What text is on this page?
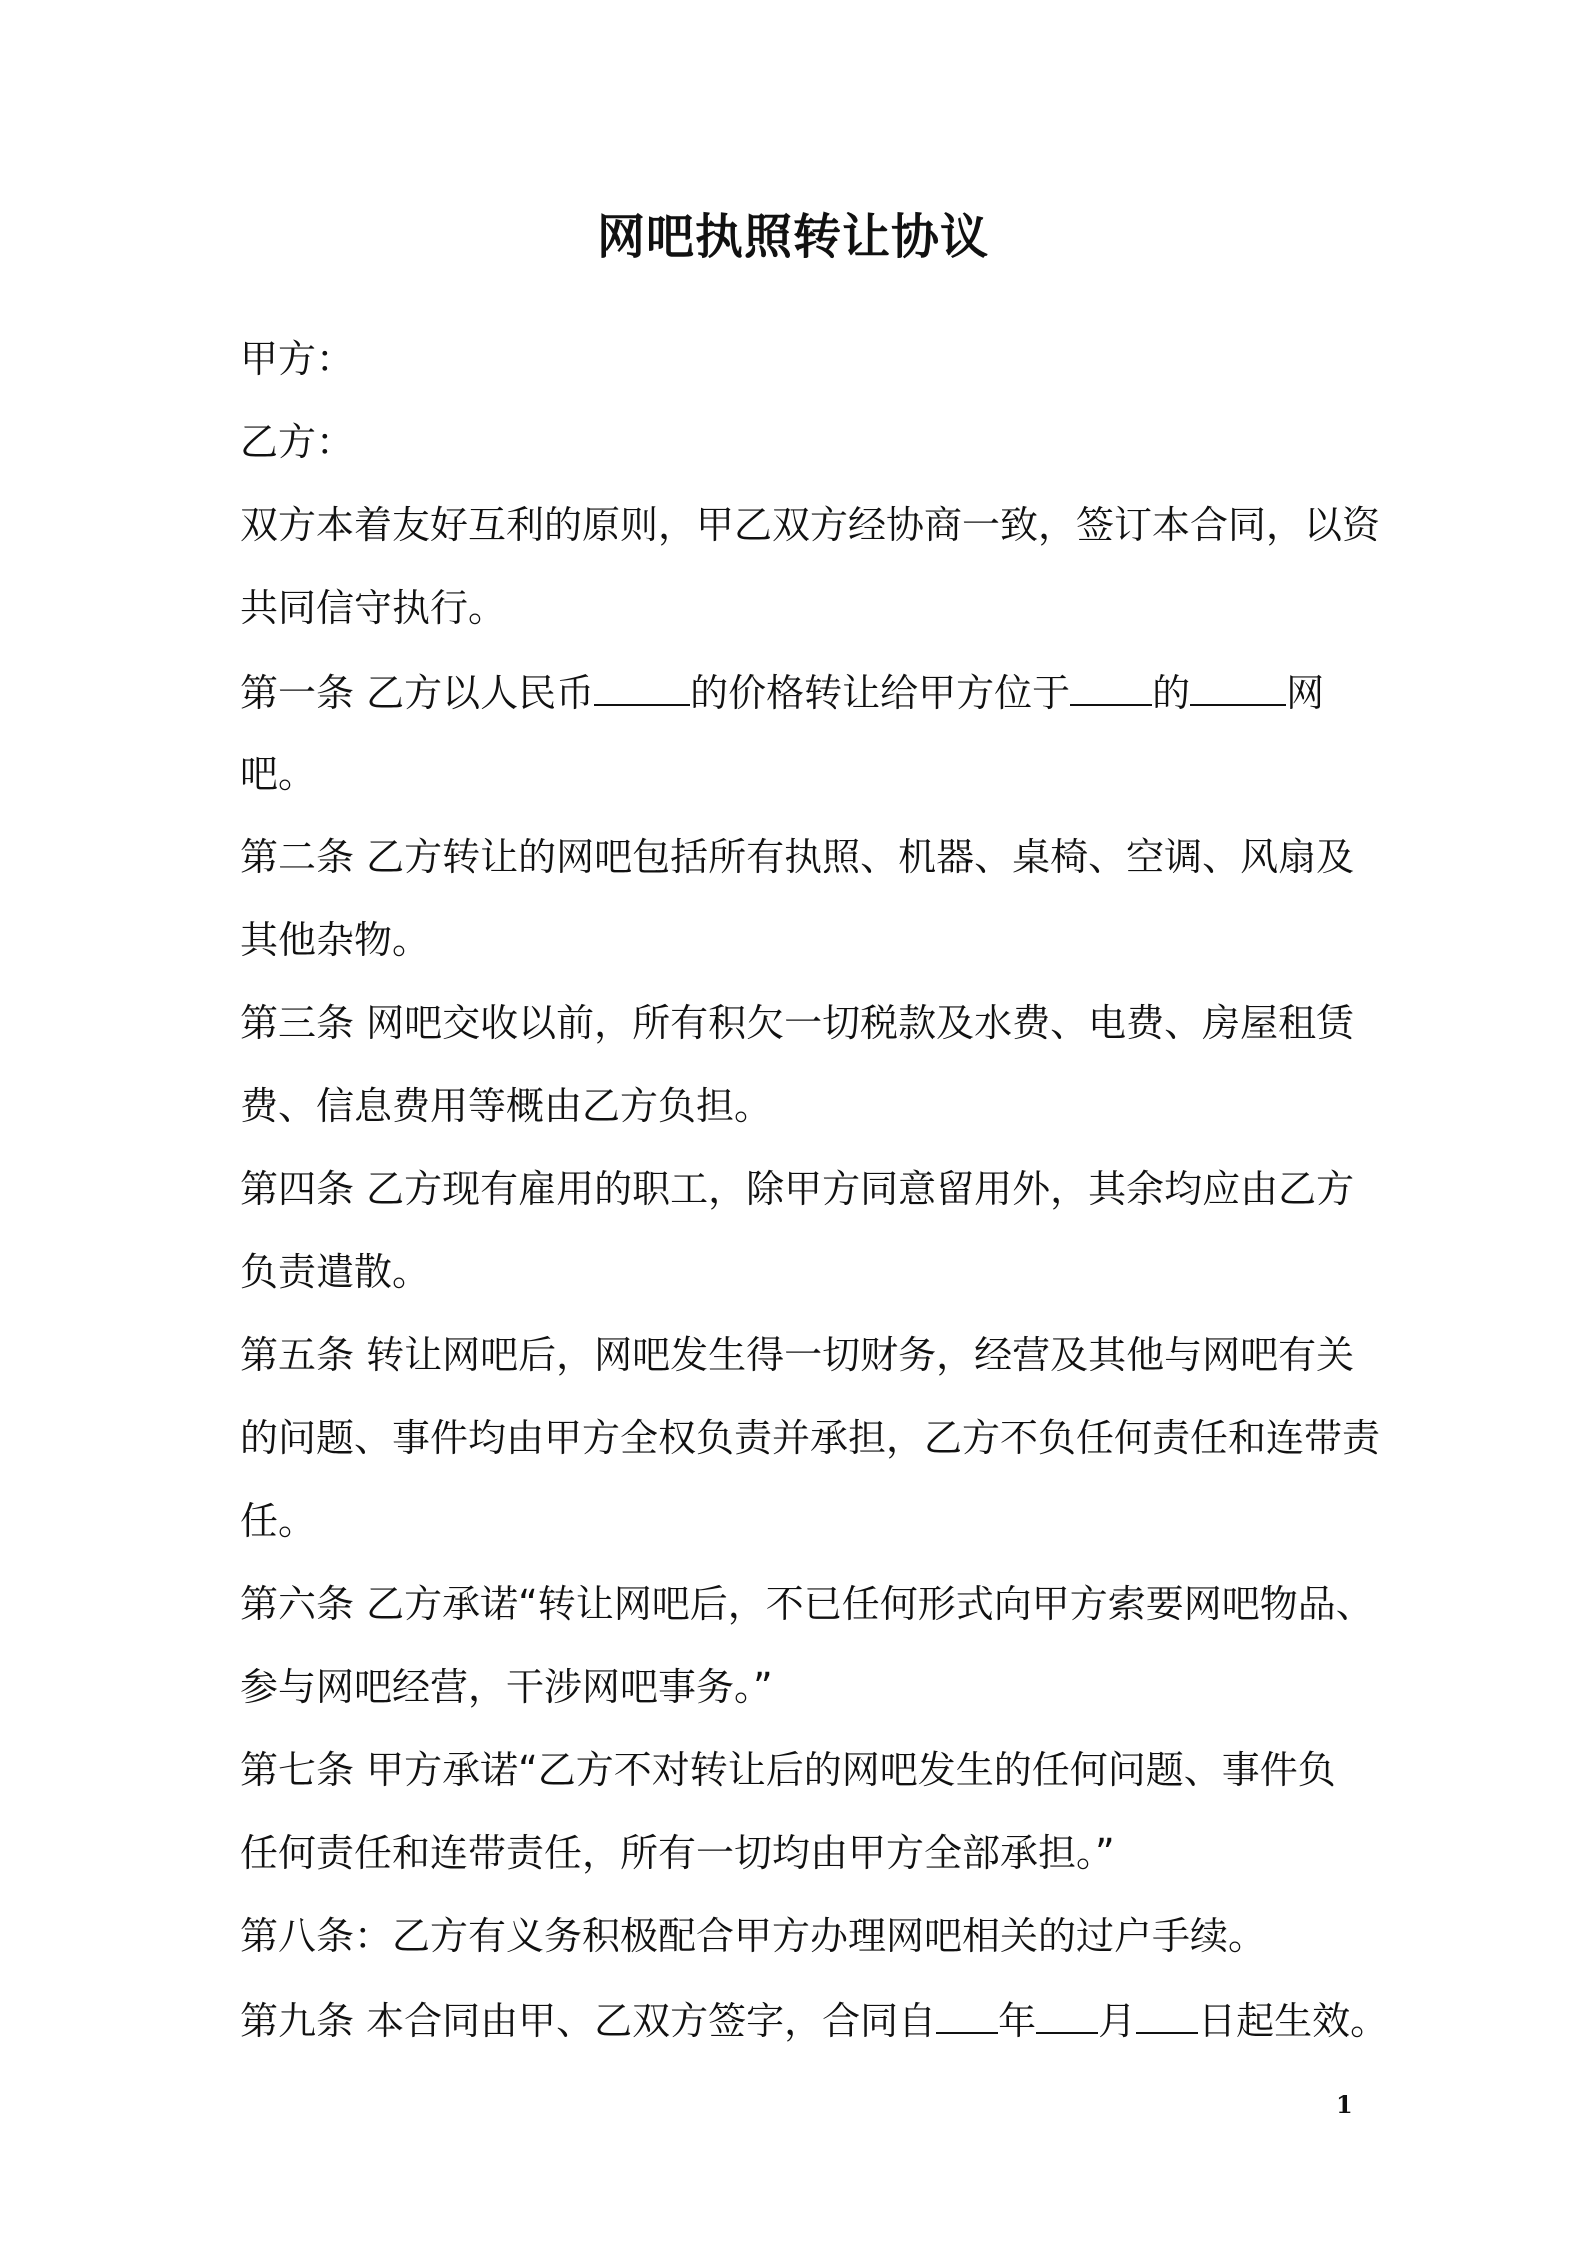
网吧执照转让协议
甲方：
乙方：
双方本着友好互利的原则，甲乙双方经协商一致，签订本合同，以资
共同信守执行。
第一条 乙方以人民币	的价格转让给甲方位于 的	网
吧。
第二条 乙方转让的网吧包括所有执照、机器、桌椅、空调、风扇及
其他杂物。
第三条 网吧交收以前，所有积欠一切税款及水费、电费、房屋租赁
费、信息费用等概由乙方负担。
第四条 乙方现有雇用的职工，除甲方同意留用外，其余均应由乙方
负责遣散。
第五条 转让网吧后，网吧发生得一切财务，经营及其他与网吧有关
的问题、事件均由甲方全权负责并承担，乙方不负任何责任和连带责
任。
第六条 乙方承诺“转让网吧后，不已任何形式向甲方索要网吧物品、
参与网吧经营，干涉网吧事务。”
第七条 甲方承诺“乙方不对转让后的网吧发生的任何问题、事件负
任何责任和连带责任，所有一切均由甲方全部承担。”
第八条：乙方有义务积极配合甲方办理网吧相关的过户手续。
第九条 本合同由甲、乙双方签字，合同自 年 月 日起生效。
1
